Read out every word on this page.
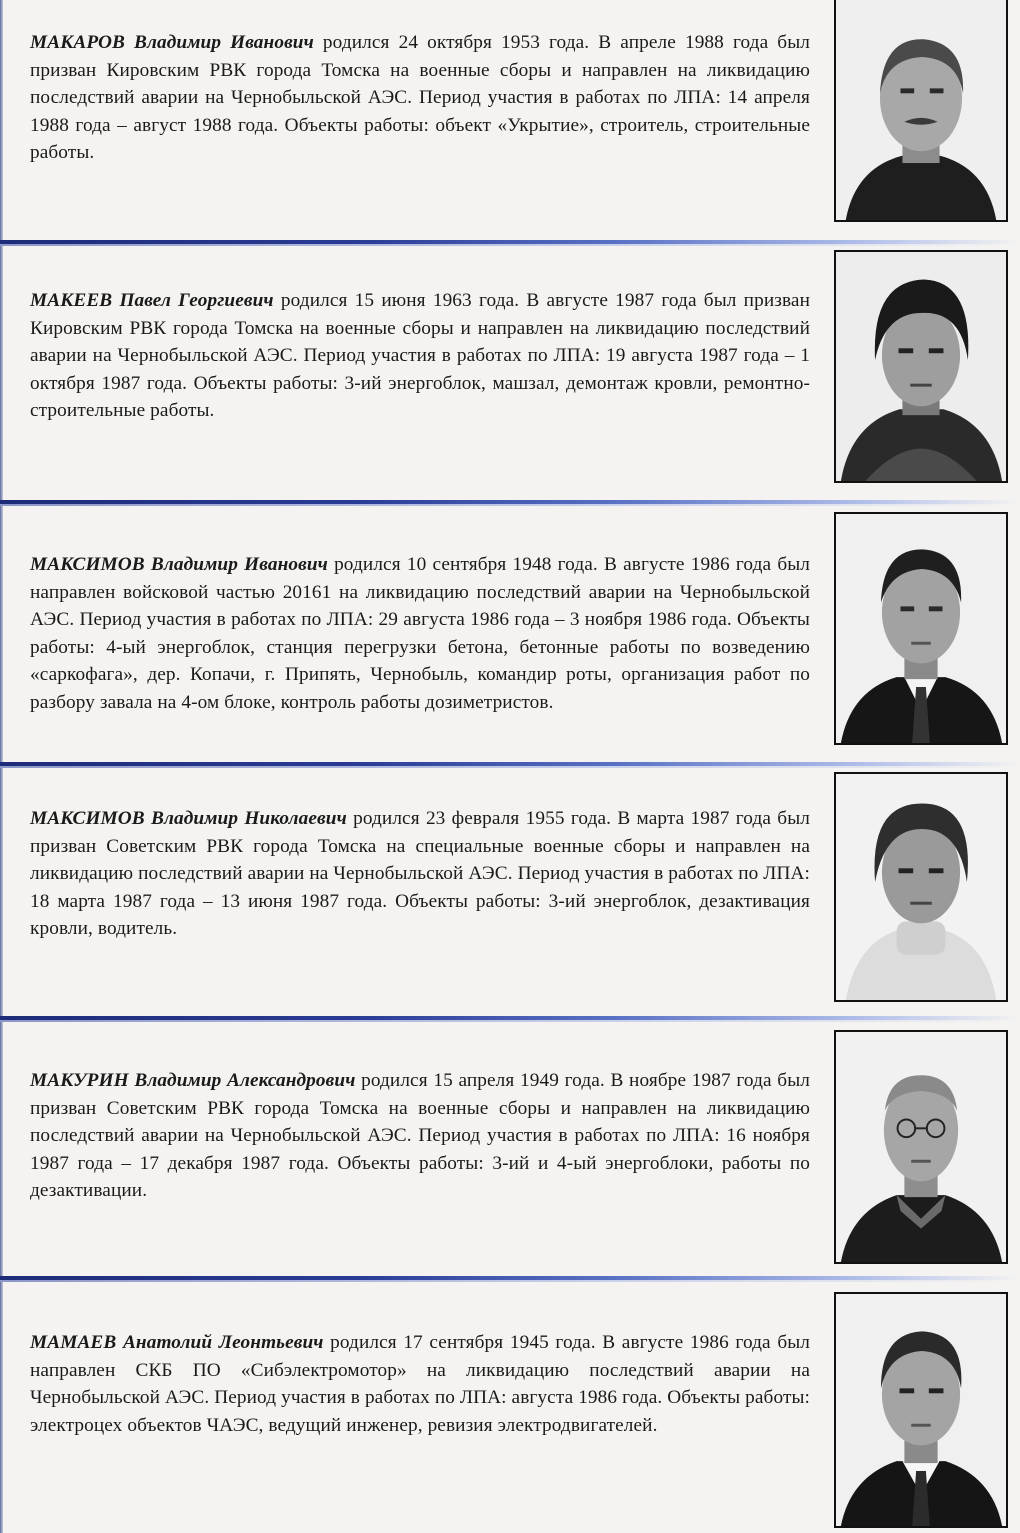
МАКАРОВ Владимир Иванович родился 24 октября 1953 года. В апреле 1988 года был призван Кировским РВК города Томска на военные сборы и направлен на ликвидацию последствий аварии на Чернобыльской АЭС. Период участия в работах по ЛПА: 14 апреля 1988 года – август 1988 года. Объекты работы: объект «Укрытие», строитель, строительные работы.
МАКЕЕВ Павел Георгиевич родился 15 июня 1963 года. В августе 1987 года был призван Кировским РВК города Томска на военные сборы и направлен на ликвидацию последствий аварии на Чернобыльской АЭС. Период участия в работах по ЛПА: 19 августа 1987 года – 1 октября 1987 года. Объекты работы: 3-ий энергоблок, машзал, демонтаж кровли, ремонтно-строительные работы.
МАКСИМОВ Владимир Иванович родился 10 сентября 1948 года. В августе 1986 года был направлен войсковой частью 20161 на ликвидацию последствий аварии на Чернобыльской АЭС. Период участия в работах по ЛПА: 29 августа 1986 года – 3 ноября 1986 года. Объекты работы: 4-ый энергоблок, станция перегрузки бетона, бетонные работы по возведению «саркофага», дер. Копачи, г. Припять, Чернобыль, командир роты, организация работ по разбору завала на 4-ом блоке, контроль работы дозиметристов.
МАКСИМОВ Владимир Николаевич родился 23 февраля 1955 года. В марта 1987 года был призван Советским РВК города Томска на специальные военные сборы и направлен на ликвидацию последствий аварии на Чернобыльской АЭС. Период участия в работах по ЛПА: 18 марта 1987 года – 13 июня 1987 года. Объекты работы: 3-ий энергоблок, дезактивация кровли, водитель.
МАКУРИН Владимир Александрович родился 15 апреля 1949 года. В ноябре 1987 года был призван Советским РВК города Томска на военные сборы и направлен на ликвидацию последствий аварии на Чернобыльской АЭС. Период участия в работах по ЛПА: 16 ноября 1987 года – 17 декабря 1987 года. Объекты работы: 3-ий и 4-ый энергоблоки, работы по дезактивации.
МАМАЕВ Анатолий Леонтьевич родился 17 сентября 1945 года. В августе 1986 года был направлен СКБ ПО «Сибэлектромотор» на ликвидацию последствий аварии на Чернобыльской АЭС. Период участия в работах по ЛПА: августа 1986 года. Объекты работы: электроцех объектов ЧАЭС, ведущий инженер, ревизия электродвигателей.
